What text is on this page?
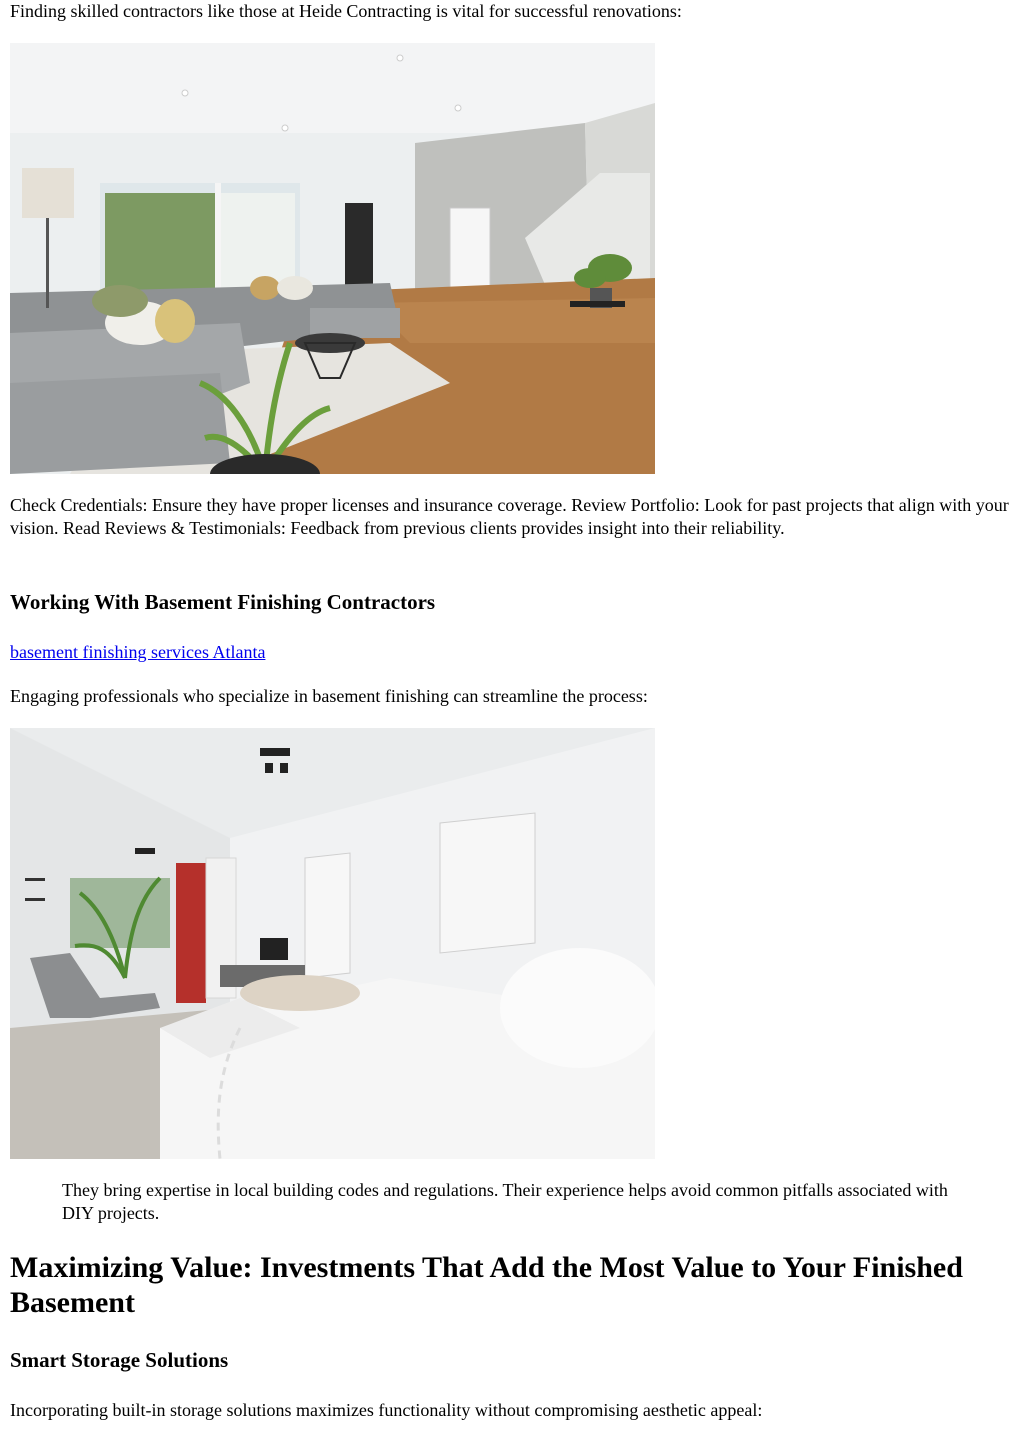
Finding skilled contractors like those at Heide Contracting is vital for successful renovations:

Check Credentials: Ensure they have proper licenses and insurance coverage. Review Portfolio: Look for past projects that align with your vision. Read Reviews & Testimonials: Feedback from previous clients provides insight into their reliability.

Working With Basement Finishing Contractors

basement finishing services Atlanta

Engaging professionals who specialize in basement finishing can streamline the process:

They bring expertise in local building codes and regulations. Their experience helps avoid common pitfalls associated with DIY projects.
Maximizing Value: Investments That Add the Most Value to Your Finished Basement
Smart Storage Solutions

Incorporating built-in storage solutions maximizes functionality without compromising aesthetic appeal:
